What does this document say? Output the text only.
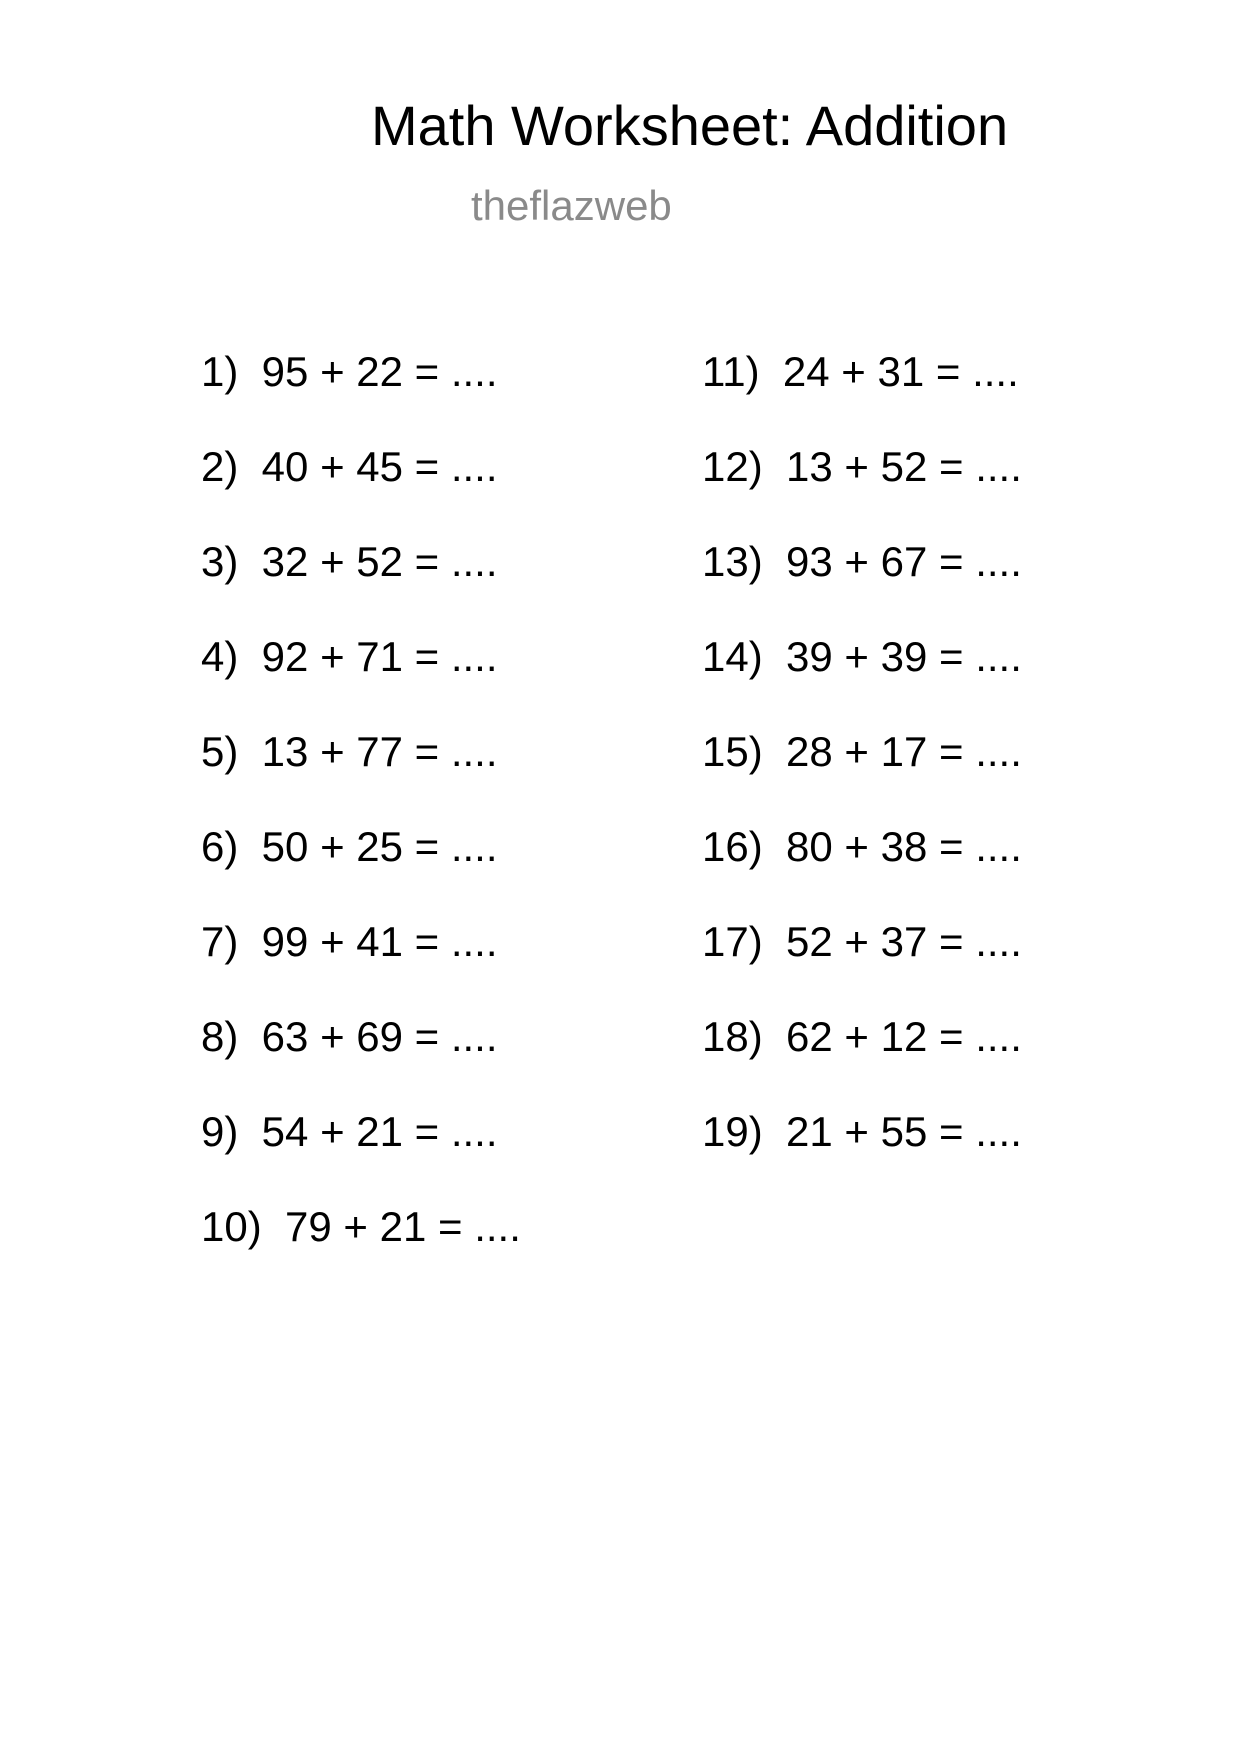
Math Worksheet: Addition
theflazweb
1)  95 + 22 = ....
2)  40 + 45 = ....
3)  32 + 52 = ....
4)  92 + 71 = ....
5)  13 + 77 = ....
6)  50 + 25 = ....
7)  99 + 41 = ....
8)  63 + 69 = ....
9)  54 + 21 = ....
10)  79 + 21 = ....
11)  24 + 31 = ....
12)  13 + 52 = ....
13)  93 + 67 = ....
14)  39 + 39 = ....
15)  28 + 17 = ....
16)  80 + 38 = ....
17)  52 + 37 = ....
18)  62 + 12 = ....
19)  21 + 55 = ....
